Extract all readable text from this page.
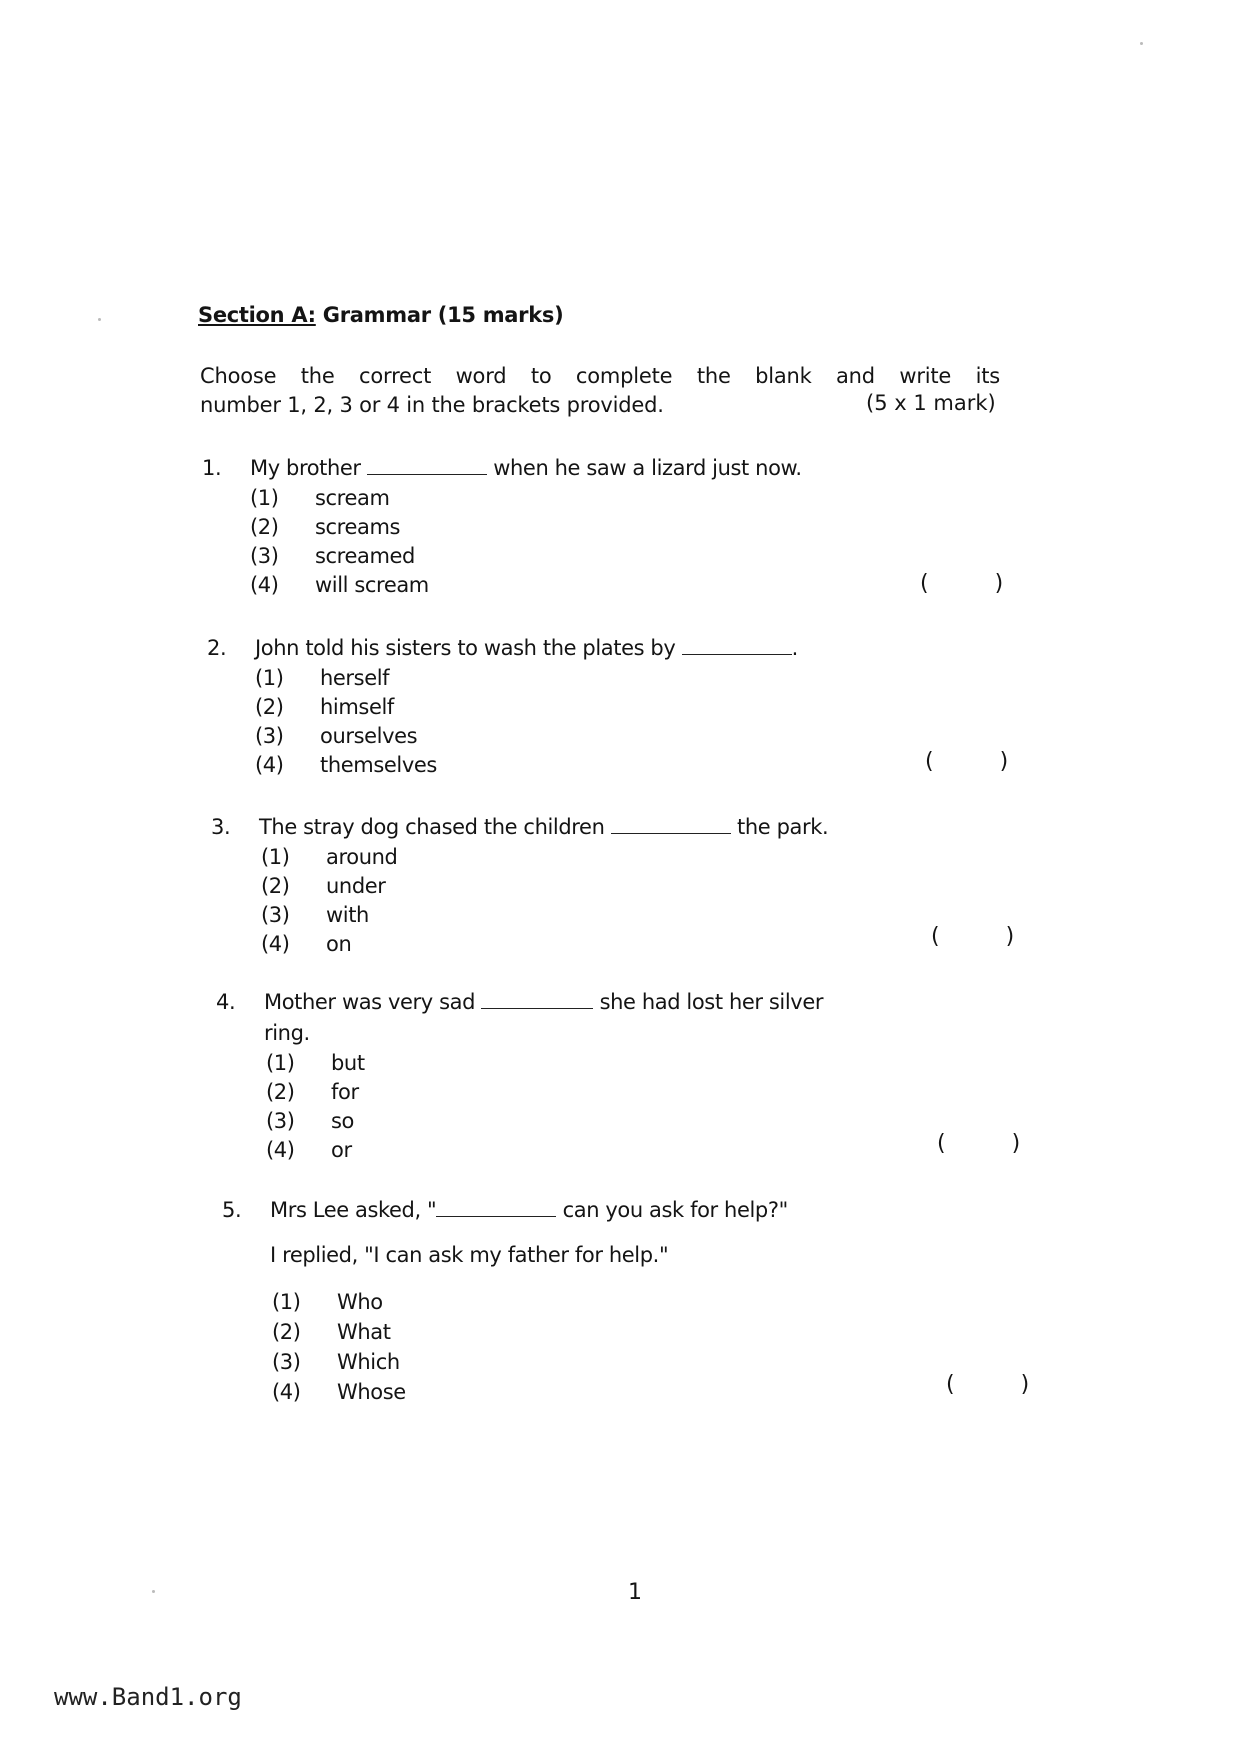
Section A: Grammar (15 marks)
Choose the correct word to complete the blank and write its
number 1, 2, 3 or 4 in the brackets provided.	(5 x 1 mark)
1. My brother	when he saw a lizard just now.
(1) scream
(2) screams
(3) screamed
(4) will scream	(	)
2. John told his sisters to wash the plates by	.
(1) herself
(2) himself
(3) ourselves
(4) themselves	(	)
3. The stray dog chased the children	the park.
(1) around
(2) under
(3) with
(4) on	(	)
4. Mother was very sad	she had lost her silver
ring.
(1) but
(2) for
(3) so
(4) or	(	)
5. Mrs Lee asked, "	can you ask for help?"
I replied, "I can ask my father for help."
(1) Who
(2) What
(3) Which
(4) Whose	(	)
1
www.Band1.org
